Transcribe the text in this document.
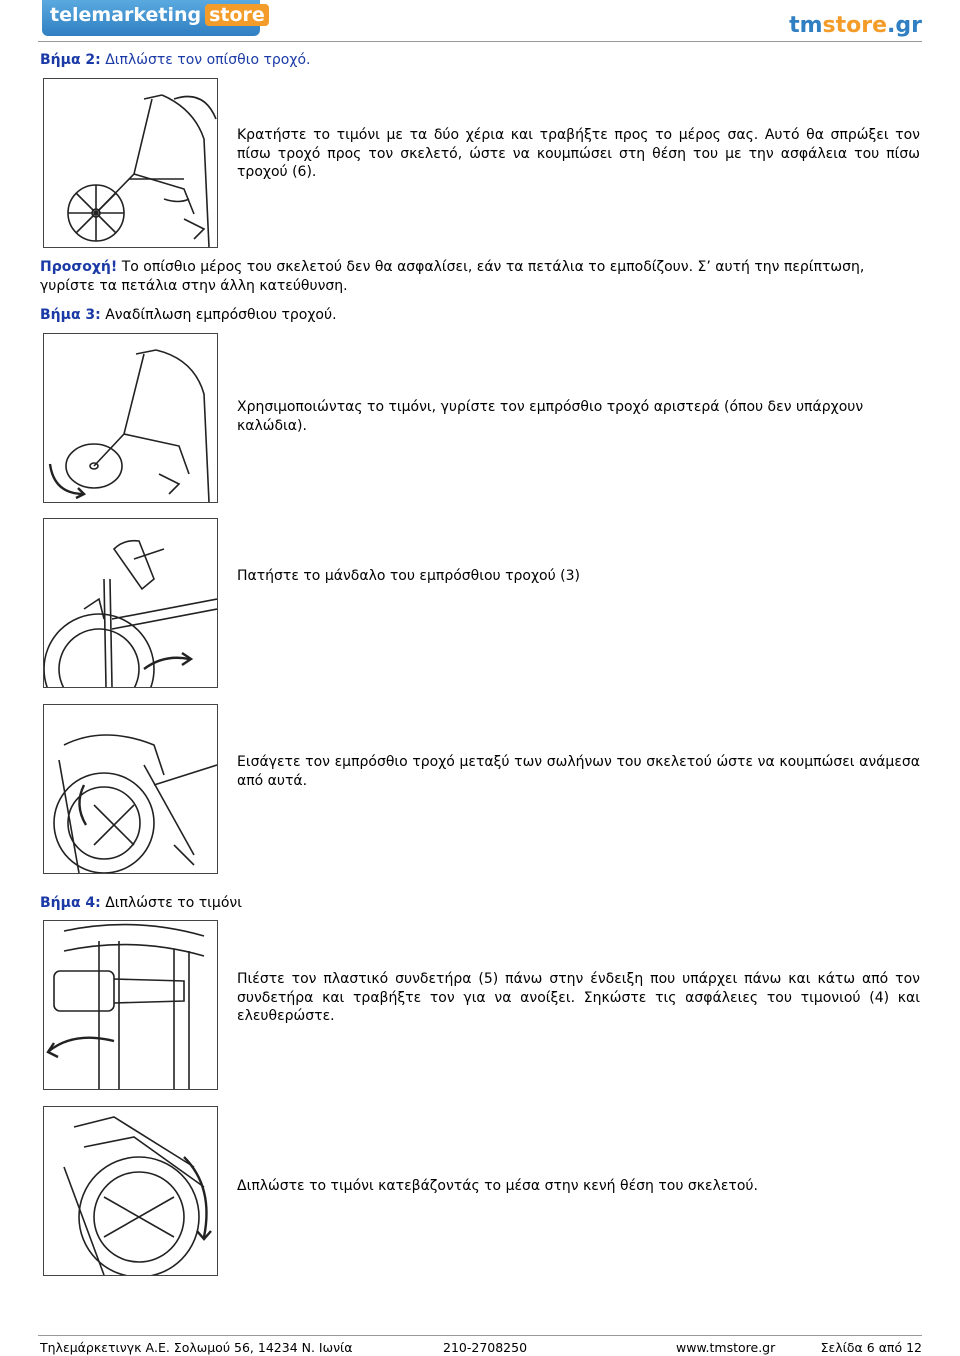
telemarketing store	tmstore.gr
Βήμα 2: Διπλώστε τον οπίσθιο τροχό.
Κρατήστε το τιμόνι με τα δύο χέρια και τραβήξτε προς το μέρος σας. Αυτό θα σπρώξει τον πίσω τροχό προς τον σκελετό, ώστε να κουμπώσει στη θέση του με την ασφάλεια του πίσω τροχού (6).
Προσοχή! Το οπίσθιο μέρος του σκελετού δεν θα ασφαλίσει, εάν τα πετάλια το εμποδίζουν. Σ’ αυτή την περίπτωση, γυρίστε τα πετάλια στην άλλη κατεύθυνση.
Βήμα 3: Αναδίπλωση εμπρόσθιου τροχού.
Χρησιμοποιώντας το τιμόνι, γυρίστε τον εμπρόσθιο τροχό αριστερά (όπου δεν υπάρχουν καλώδια).
Πατήστε το μάνδαλο του εμπρόσθιου τροχού (3)
Εισάγετε τον εμπρόσθιο τροχό μεταξύ των σωλήνων του σκελετού ώστε να κουμπώσει ανάμεσα από αυτά.
Βήμα 4: Διπλώστε το τιμόνι
Πιέστε τον πλαστικό συνδετήρα (5) πάνω στην ένδειξη που υπάρχει πάνω και κάτω από τον συνδετήρα και τραβήξτε τον για να ανοίξει. Σηκώστε τις ασφάλειες του τιμονιού (4) και ελευθερώστε.
Διπλώστε το τιμόνι κατεβάζοντάς το μέσα στην κενή θέση του σκελετού.
Τηλεμάρκετινγκ Α.Ε. Σολωμού 56, 14234 Ν. Ιωνία	210-2708250	www.tmstore.gr	Σελίδα 6 από 12
